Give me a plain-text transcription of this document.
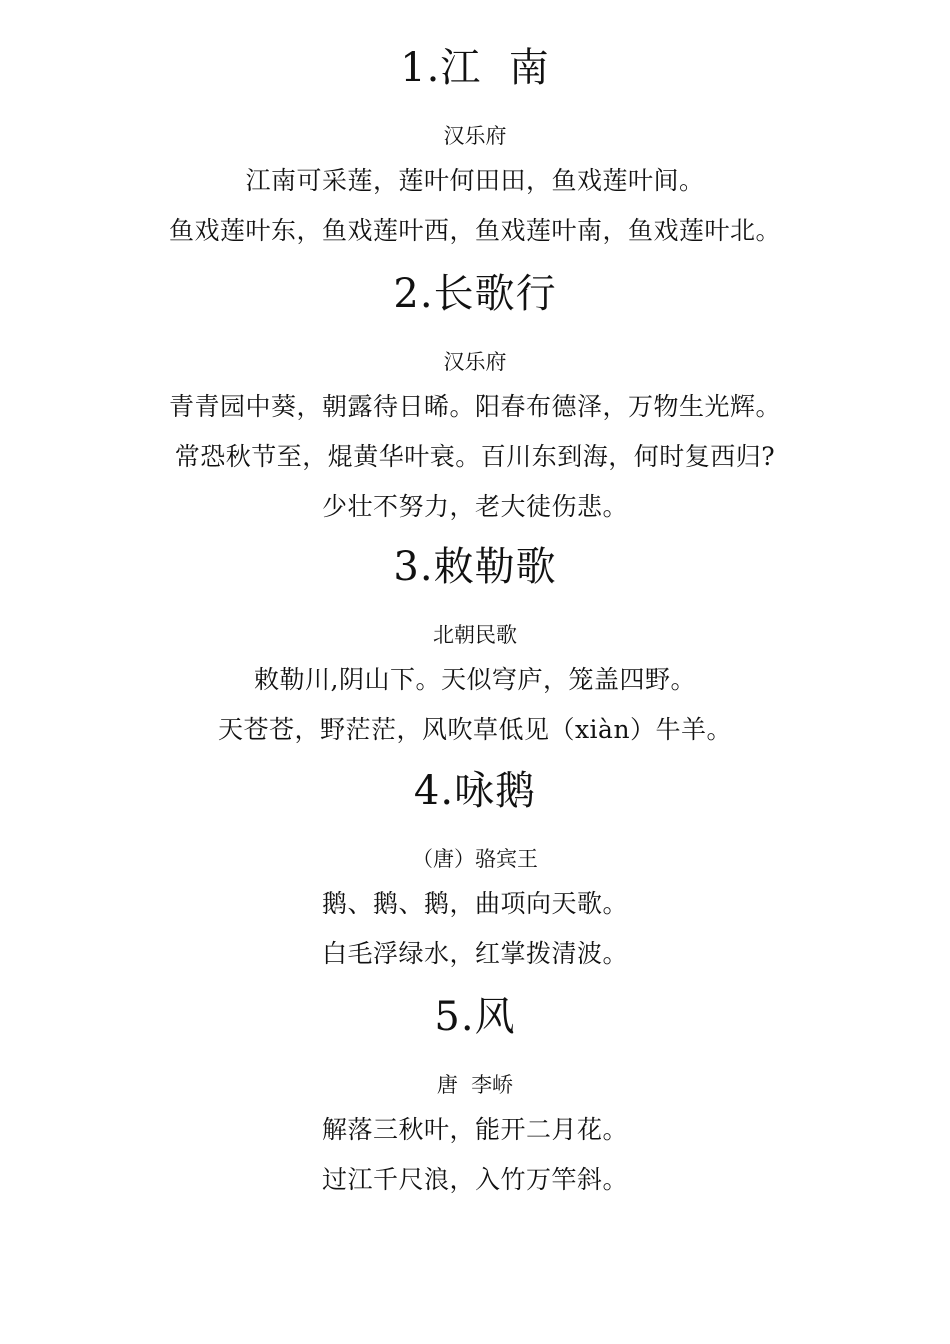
1.江  南
汉乐府
江南可采莲，莲叶何田田，鱼戏莲叶间。
鱼戏莲叶东，鱼戏莲叶西，鱼戏莲叶南，鱼戏莲叶北。
2.长歌行
汉乐府
青青园中葵，朝露待日晞。阳春布德泽，万物生光辉。
常恐秋节至，焜黄华叶衰。百川东到海，何时复西归?
少壮不努力，老大徒伤悲。
3.敕勒歌
北朝民歌
敕勒川,阴山下。天似穹庐，笼盖四野。
天苍苍，野茫茫，风吹草低见（xiàn）牛羊。
4.咏鹅
（唐）骆宾王
鹅、鹅、鹅，曲项向天歌。
白毛浮绿水，红掌拨清波。
5.风
唐  李峤
解落三秋叶，能开二月花。
过江千尺浪，入竹万竿斜。
